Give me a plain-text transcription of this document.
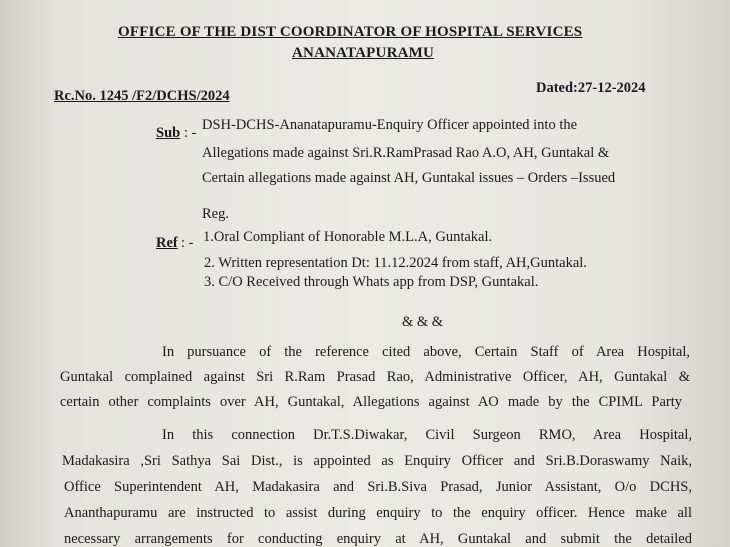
OFFICE OF THE DIST COORDINATOR OF HOSPITAL SERVICES
ANANATAPURAMU
Rc.No. 1245 /F2/DCHS/2024	Dated:27-12-2024
Sub : - DSH-DCHS-Ananatapuramu-Enquiry Officer appointed into the
Allegations made against Sri.R.RamPrasad Rao A.O, AH, Guntakal &
Certain allegations made against AH, Guntakal issues – Orders –Issued
Reg.
Ref : - 1.Oral Compliant of Honorable M.L.A, Guntakal.
2. Written representation Dt: 11.12.2024 from staff, AH,Guntakal.
3. C/O Received through Whats app from DSP, Guntakal.
& & &
In pursuance of the reference cited above, Certain Staff of Area Hospital,
Guntakal complained against Sri R.Ram Prasad Rao, Administrative Officer, AH, Guntakal &
certain other complaints over AH, Guntakal, Allegations against AO made by the CPIML Party
In this connection Dr.T.S.Diwakar, Civil Surgeon RMO, Area Hospital,
Madakasira ,Sri Sathya Sai Dist., is appointed as Enquiry Officer and Sri.B.Doraswamy Naik,
Office Superintendent AH, Madakasira and Sri.B.Siva Prasad, Junior Assistant, O/o DCHS,
Ananthapuramu are instructed to assist during enquiry to the enquiry officer. Hence make all
necessary arrangements for conducting enquiry at AH, Guntakal and submit the detailed
